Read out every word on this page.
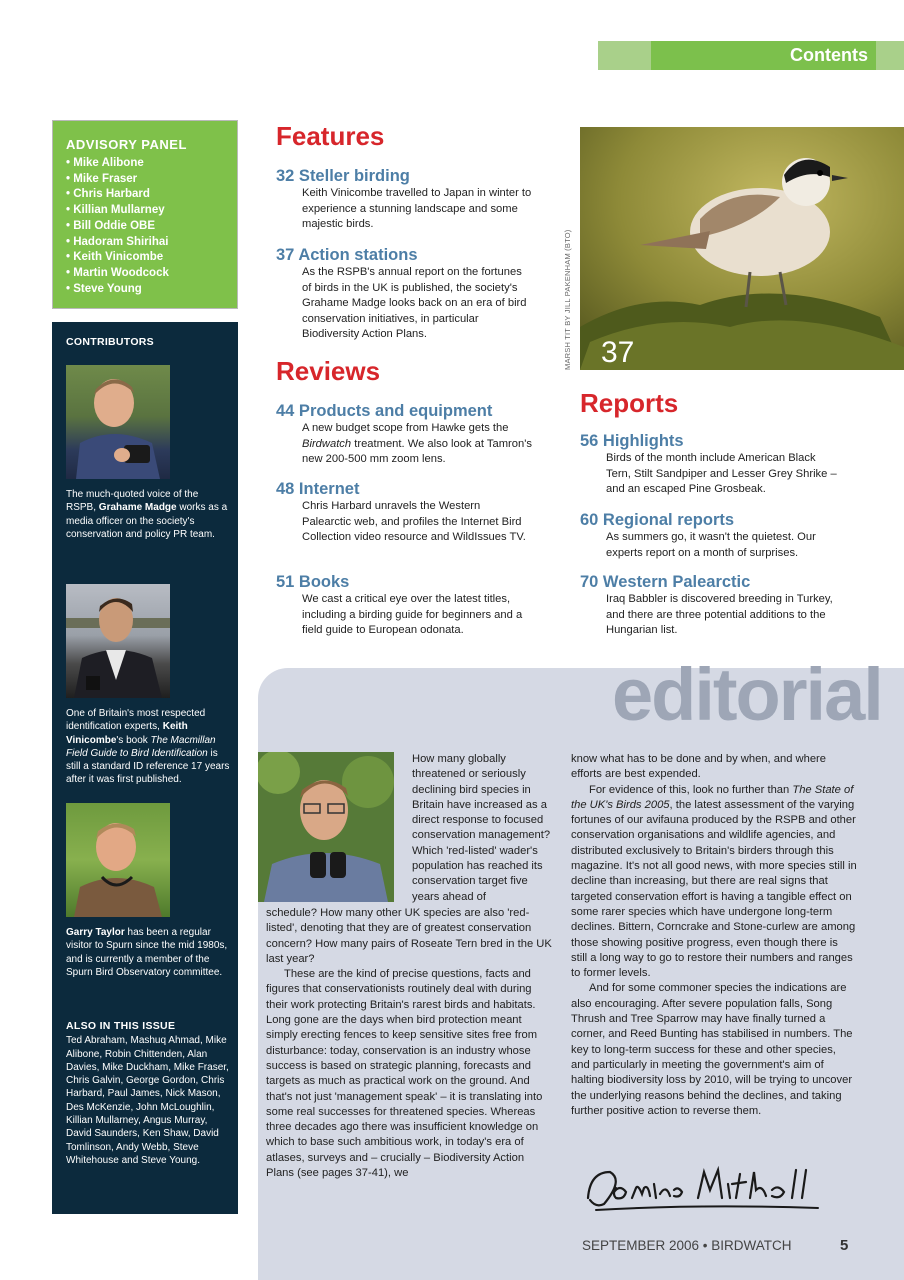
Contents
ADVISORY PANEL
• Mike Alibone
• Mike Fraser
• Chris Harbard
• Killian Mullarney
• Bill Oddie OBE
• Hadoram Shirihai
• Keith Vinicombe
• Martin Woodcock
• Steve Young
CONTRIBUTORS
The much-quoted voice of the RSPB, Grahame Madge works as a media officer on the society's conservation and policy PR team.
One of Britain's most respected identification experts, Keith Vinicombe's book The Macmillan Field Guide to Bird Identification is still a standard ID reference 17 years after it was first published.
Garry Taylor has been a regular visitor to Spurn since the mid 1980s, and is currently a member of the Spurn Bird Observatory committee.
ALSO IN THIS ISSUE
Ted Abraham, Mashuq Ahmad, Mike Alibone, Robin Chittenden, Alan Davies, Mike Duckham, Mike Fraser, Chris Galvin, George Gordon, Chris Harbard, Paul James, Nick Mason, Des McKenzie, John McLoughlin, Killian Mullarney, Angus Murray, David Saunders, Ken Shaw, David Tomlinson, Andy Webb, Steve Whitehouse and Steve Young.
Features
32 Steller birding
Keith Vinicombe travelled to Japan in winter to experience a stunning landscape and some majestic birds.
37 Action stations
As the RSPB's annual report on the fortunes of birds in the UK is published, the society's Grahame Madge looks back on an era of bird conservation initiatives, in particular Biodiversity Action Plans.
Reviews
44 Products and equipment
A new budget scope from Hawke gets the Birdwatch treatment. We also look at Tamron's new 200-500 mm zoom lens.
48 Internet
Chris Harbard unravels the Western Palearctic web, and profiles the Internet Bird Collection video resource and WildIssues TV.
51 Books
We cast a critical eye over the latest titles, including a birding guide for beginners and a field guide to European odonata.
37
MARSH TIT BY JILL PAKENHAM (BTO)
Reports
56 Highlights
Birds of the month include American Black Tern, Stilt Sandpiper and Lesser Grey Shrike – and an escaped Pine Grosbeak.
60 Regional reports
As summers go, it wasn't the quietest. Our experts report on a month of surprises.
70 Western Palearctic
Iraq Babbler is discovered breeding in Turkey, and there are three potential additions to the Hungarian list.
editorial
How many globally threatened or seriously declining bird species in Britain have increased as a direct response to focused conservation management? Which 'red-listed' wader's population has reached its conservation target five years ahead of

schedule? How many other UK species are also 'red-listed', denoting that they are of greatest conservation concern? How many pairs of Roseate Tern bred in the UK last year?

These are the kind of precise questions, facts and figures that conservationists routinely deal with during their work protecting Britain's rarest birds and habitats. Long gone are the days when bird protection meant simply erecting fences to keep sensitive sites free from disturbance: today, conservation is an industry whose success is based on strategic planning, forecasts and targets as much as practical work on the ground. And that's not just 'management speak' – it is translating into some real successes for threatened species. Whereas three decades ago there was insufficient knowledge on which to base such ambitious work, in today's era of atlases, surveys and – crucially – Biodiversity Action Plans (see pages 37-41), we

know what has to be done and by when, and where efforts are best expended.

For evidence of this, look no further than The State of the UK's Birds 2005, the latest assessment of the varying fortunes of our avifauna produced by the RSPB and other conservation organisations and wildlife agencies, and distributed exclusively to Britain's birders through this magazine. It's not all good news, with more species still in decline than increasing, but there are real signs that targeted conservation effort is having a tangible effect on some rarer species which have undergone long-term declines. Bittern, Corncrake and Stone-curlew are among those showing positive progress, even though there is still a long way to go to restore their numbers and ranges to former levels.

And for some commoner species the indications are also encouraging. After severe population falls, Song Thrush and Tree Sparrow may have finally turned a corner, and Reed Bunting has stabilised in numbers. The key to long-term success for these and other species, and particularly in meeting the government's aim of halting biodiversity loss by 2010, will be trying to uncover the underlying reasons behind the declines, and taking further positive action to reverse them.

SEPTEMBER 2006 • BIRDWATCH	5
